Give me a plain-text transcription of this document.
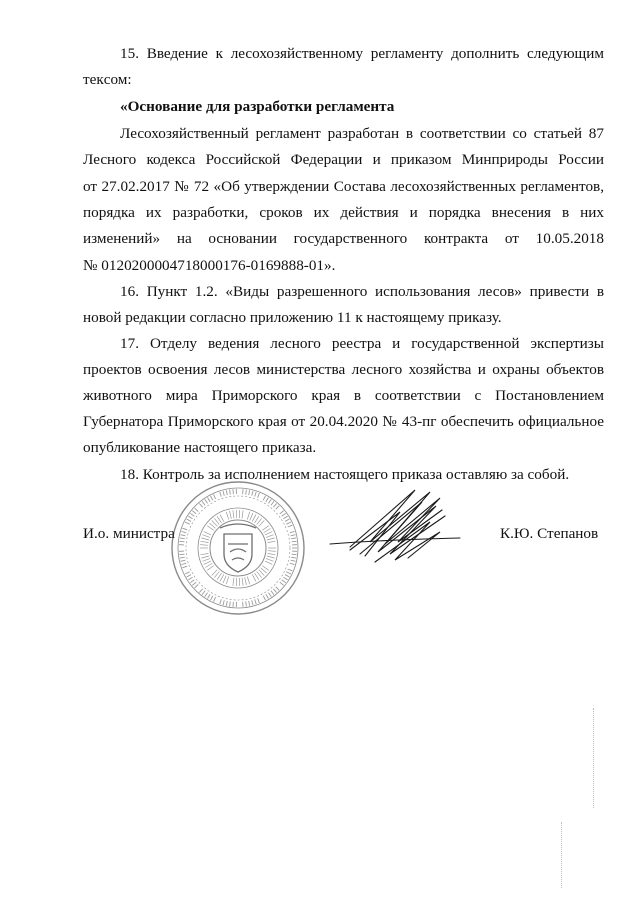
15. Введение к лесохозяйственному регламенту дополнить следующим
текcом:
«Основание для разработки регламента
Лесохозяйственный регламент разработан в соответствии со статьей 87
Лесного кодекса Российской Федерации и приказом Минприроды России
от 27.02.2017 № 72 «Об утверждении Состава лесохозяйственных регламентов,
порядка их разработки, сроков их действия и порядка внесения в них
изменений» на основании государственного контракта от 10.05.2018
№ 0120200004718000176-0169888-01».
16. Пункт 1.2. «Виды разрешенного использования лесов» привести в
новой редакции согласно приложению 11 к настоящему приказу.
17. Отделу ведения лесного реестра и государственной экспертизы
проектов освоения лесов министерства лесного хозяйства и охраны объектов
животного мира Приморского края в соответствии с Постановлением
Губернатора Приморского края от 20.04.2020 № 43-пг обеспечить официальное
опубликование настоящего приказа.
18. Контроль за исполнением настоящего приказа оставляю за собой.
И.о. министра	К.Ю. Степанов
